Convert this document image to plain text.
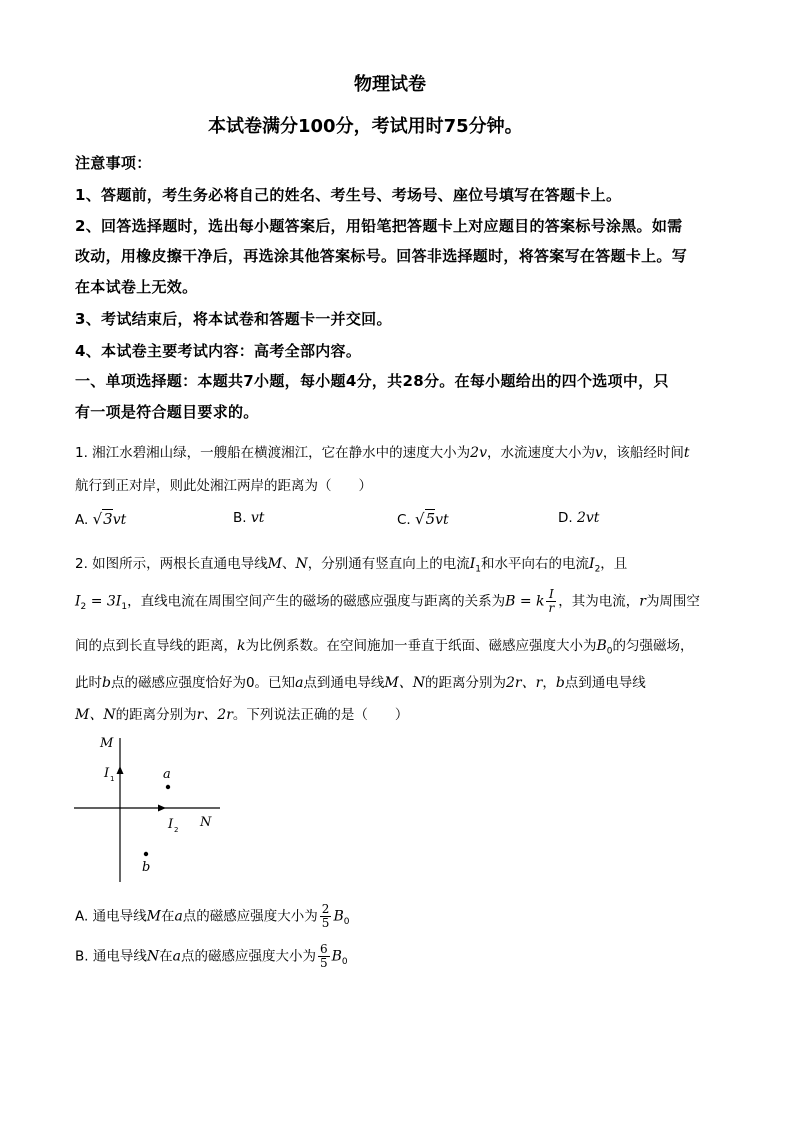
物理试卷
本试卷满分100分，考试用时75分钟。
注意事项：
1、答题前，考生务必将自己的姓名、考生号、考场号、座位号填写在答题卡上。
2、回答选择题时，选出每小题答案后，用铅笔把答题卡上对应题目的答案标号涂黑。如需
改动，用橡皮擦干净后，再选涂其他答案标号。回答非选择题时，将答案写在答题卡上。写
在本试卷上无效。
3、考试结束后，将本试卷和答题卡一并交回。
4、本试卷主要考试内容：高考全部内容。
一、单项选择题：本题共7小题，每小题4分，共28分。在每小题给出的四个选项中，只
有一项是符合题目要求的。
1. 湘江水碧湘山绿，一艘船在横渡湘江，它在静水中的速度大小为2v，水流速度大小为v，该船经时间t
航行到正对岸，则此处湘江两岸的距离为（　　）
A. √3vt	B. vt	C. √5vt	D. 2vt
2. 如图所示，两根长直通电导线M、N，分别通有竖直向上的电流$I_1$和水平向右的电流$I_2$，且
$I_2 = 3I_1$，直线电流在周围空间产生的磁场的磁感应强度与距离的关系为B = k $\frac{I}{r}$ ，其为电流，r为周围空
间的点到长直导线的距离，k为比例系数。在空间施加一垂直于纸面、磁感应强度大小为$B_0$的匀强磁场，
此时b点的磁感应强度恰好为0。已知a点到通电导线M、N的距离分别为2r、r，b点到通电导线
M、N的距离分别为r、2r。下列说法正确的是（　　）
M
I 1	a
I 2 N
b
A. 通电导线M在a点的磁感应强度大小为 $\frac{2}{5} B_0$
B. 通电导线N在a点的磁感应强度大小为 $\frac{6}{5} B_0$
